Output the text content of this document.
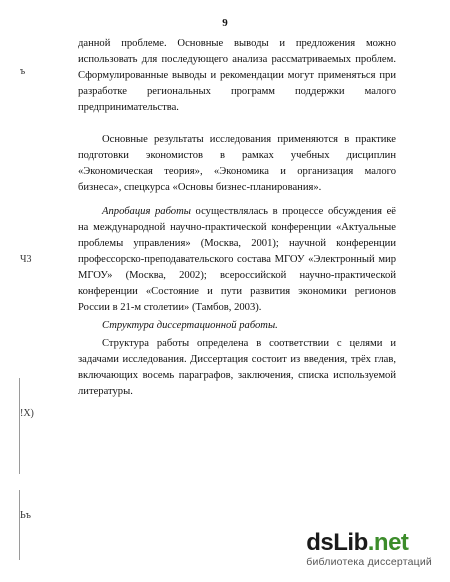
9

данной проблеме. Основные выводы и предложения можно использовать для последующего анализа рассматриваемых проблем. Сформулированные выводы и рекомендации могут применяться при разработке региональных программ поддержки малого предпринимательства.

Основные результаты исследования применяются в практике подготовки экономистов в рамках учебных дисциплин «Экономическая теория», «Экономика и организация малого бизнеса», спецкурса «Основы бизнес-планирования».

Апробация работы осуществлялась в процессе обсуждения её на международной научно-практической конференции «Актуальные проблемы управления» (Москва, 2001); научной конференции профессорско-преподавательского состава МГОУ «Электронный мир МГОУ» (Москва, 2002); всероссийской научно-практической конференции «Состояние и пути развития экономики регионов России в 21-м столетии» (Тамбов, 2003).

Структура диссертационной работы.

Структура работы определена в соответствии с целями и задачами исследования. Диссертация состоит из введения, трёх глав, включающих восемь параграфов, заключения, списка используемой литературы.

ъ
Ч3
!Х)
Ьъ
dsLib.net
библиотека диссертаций
